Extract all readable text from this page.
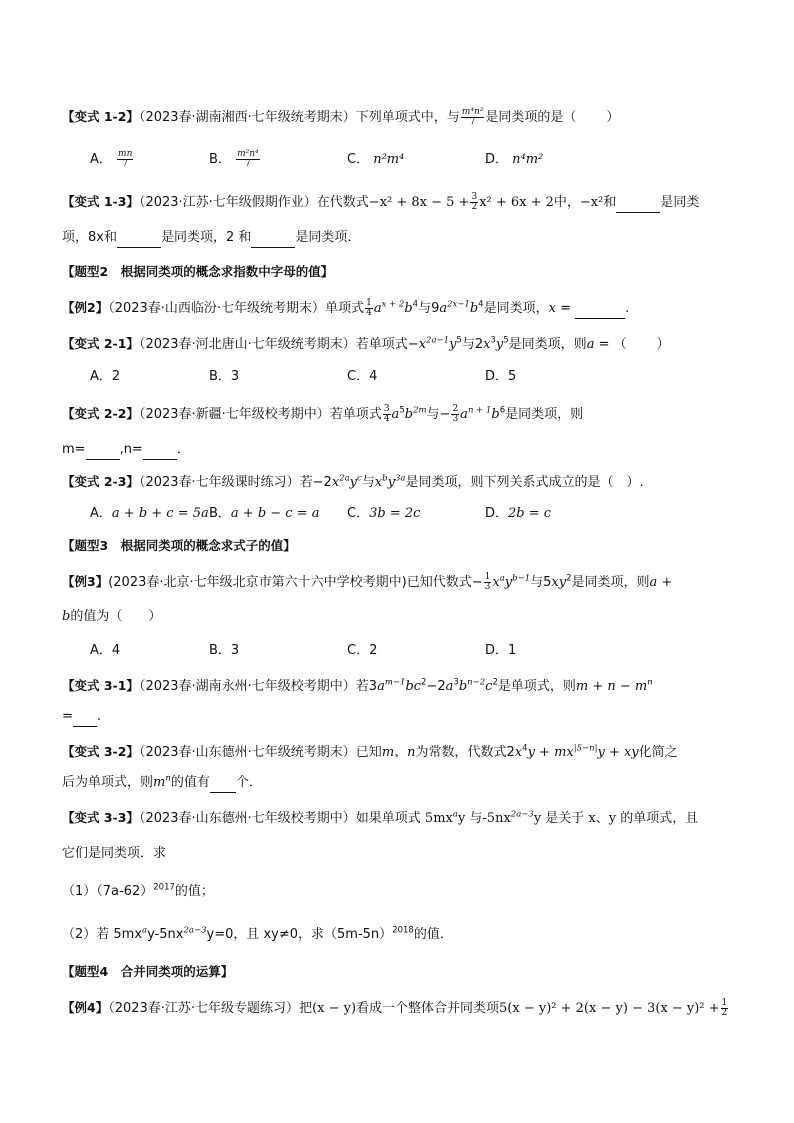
【变式 1-2】（2023春·湖南湘西·七年级统考期末）下列单项式中，与 $\frac{\text{m⁴n²}}{7}$ 是同类项的是（ ）
A． $\frac{mn}{7}$	B． $\frac{\text{m²n⁴}}{7}$	C． n²m⁴	D． n⁴m²
【变式 1-3】（2023·江苏·七年级假期作业）在代数式$-x^2 + 8x - 5 + \frac{3}{2} x^2 + 6x + 2$中，−x²和	是同类
项，8x和	是同类项，2 和	是同类项．
【题型2　根据同类项的概念求指数中字母的值】
【例2】（2023春·山西临汾·七年级统考期末）单项式 $\frac{1}{4} a^{x + 2}b^4$与$9a^{2x-1}b^4$是同类项，x =	.
【变式 2-1】（2023春·河北唐山·七年级统考期末）若单项式$-x^{2a-1}y^5$与$2x^3y^5$是同类项，则a = （ ）
A．2	B．3	C．4	D．5
【变式 2-2】（2023春·新疆·七年级校考期中）若单项式 $\frac{3}{4} a^5b^{2m}$与− $\frac{2}{3} a^{n + 1}b^6$是同类项，则
m=	,n=	．
【变式 2-3】（2023春·七年级课时练习）若$-2x^{2a}y^c$与$x^by^{3a}$是同类项，则下列关系式成立的是（　）.
A．a + b + c = 5a B．a + b − c = a C．3b = 2c	D．2b = c
【题型3　根据同类项的概念求式子的值】
【例3】(2023春·北京·七年级北京市第六十六中学校考期中)已知代数式− $\frac{1}{3} x^ay^{b-1}$与$5xy^2$是同类项，则a +
b的值为（　　）
A．4	B．3	C．2	D．1
【变式 3-1】（2023春·湖南永州·七年级校考期中）若$3a^{m-1}bc^2-2a^3b^{n-2}c^2$是单项式，则$m + n - m^n$
= .
【变式 3-2】（2023春·山东德州·七年级统考期末）已知m、n为常数，代数式$2x^4y + mx^{|5-n|}y$ + xy化简之
后为单项式，则$m^n$的值有 个．
【变式 3-3】（2023春·山东德州·七年级校考期中）如果单项式 $5mx^ay$ 与$-5nx^{2a-3}y$ 是关于 x、y 的单项式，且
它们是同类项．求
$(1)(7a-62)^{2017}$的值；
（2）若 $5mx^ay-5nx^{2a-3}y=0$，且 xy≠0，求$(5m-5n)^{2018}$的值．
【题型4　合并同类项的运算】
【例4】（2023春·江苏·七年级专题练习）把(x − y)看成一个整体合并同类项$5(x - y)^2 + 2(x - y) - 3(x - y)^2 + \frac{1}{2}$
